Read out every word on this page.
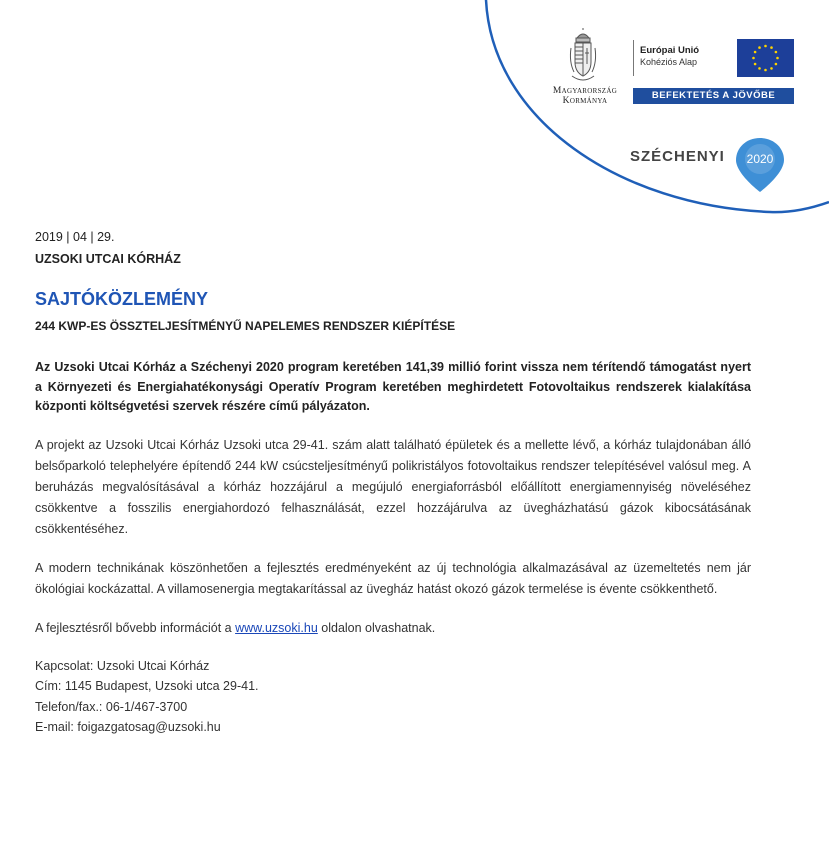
Magyarország
Kormánya
Európai Unió
Kohéziós Alap
BEFEKTETÉS A JÖVŐBE
SZÉCHENYI 2020
2019 | 04 | 29.
UZSOKI UTCAI KÓRHÁZ
SAJTÓKÖZLEMÉNY
244 KWP-ES ÖSSZTELJESÍTMÉNYŰ NAPELEMES RENDSZER KIÉPÍTÉSE
Az Uzsoki Utcai Kórház a Széchenyi 2020 program keretében 141,39 millió forint vissza nem térítendő támogatást nyert a Környezeti és Energiahatékonysági Operatív Program keretében meghirdetett Fotovoltaikus rendszerek kialakítása központi költségvetési szervek részére című pályázaton.
A projekt az Uzsoki Utcai Kórház Uzsoki utca 29-41. szám alatt található épületek és a mellette lévő, a kórház tulajdonában álló belsőparkoló telephelyére építendő 244 kW csúcsteljesítményű polikristályos fotovoltaikus rendszer telepítésével valósul meg. A beruházás megvalósításával a kórház hozzájárul a megújuló energiaforrásból előállított energiamennyiség növeléséhez csökkentve a fosszilis energiahordozó felhasználását, ezzel hozzájárulva az üvegházhatású gázok kibocsátásának csökkentéséhez.
A modern technikának köszönhetően a fejlesztés eredményeként az új technológia alkalmazásával az üzemeltetés nem jár ökológiai kockázattal. A villamosenergia megtakarítással az üvegház hatást okozó gázok termelése is évente csökkenthető.
A fejlesztésről bővebb információt a www.uzsoki.hu oldalon olvashatnak.
Kapcsolat: Uzsoki Utcai Kórház
Cím: 1145 Budapest, Uzsoki utca 29-41.
Telefon/fax.: 06-1/467-3700
E-mail: foigazgatosag@uzsoki.hu
